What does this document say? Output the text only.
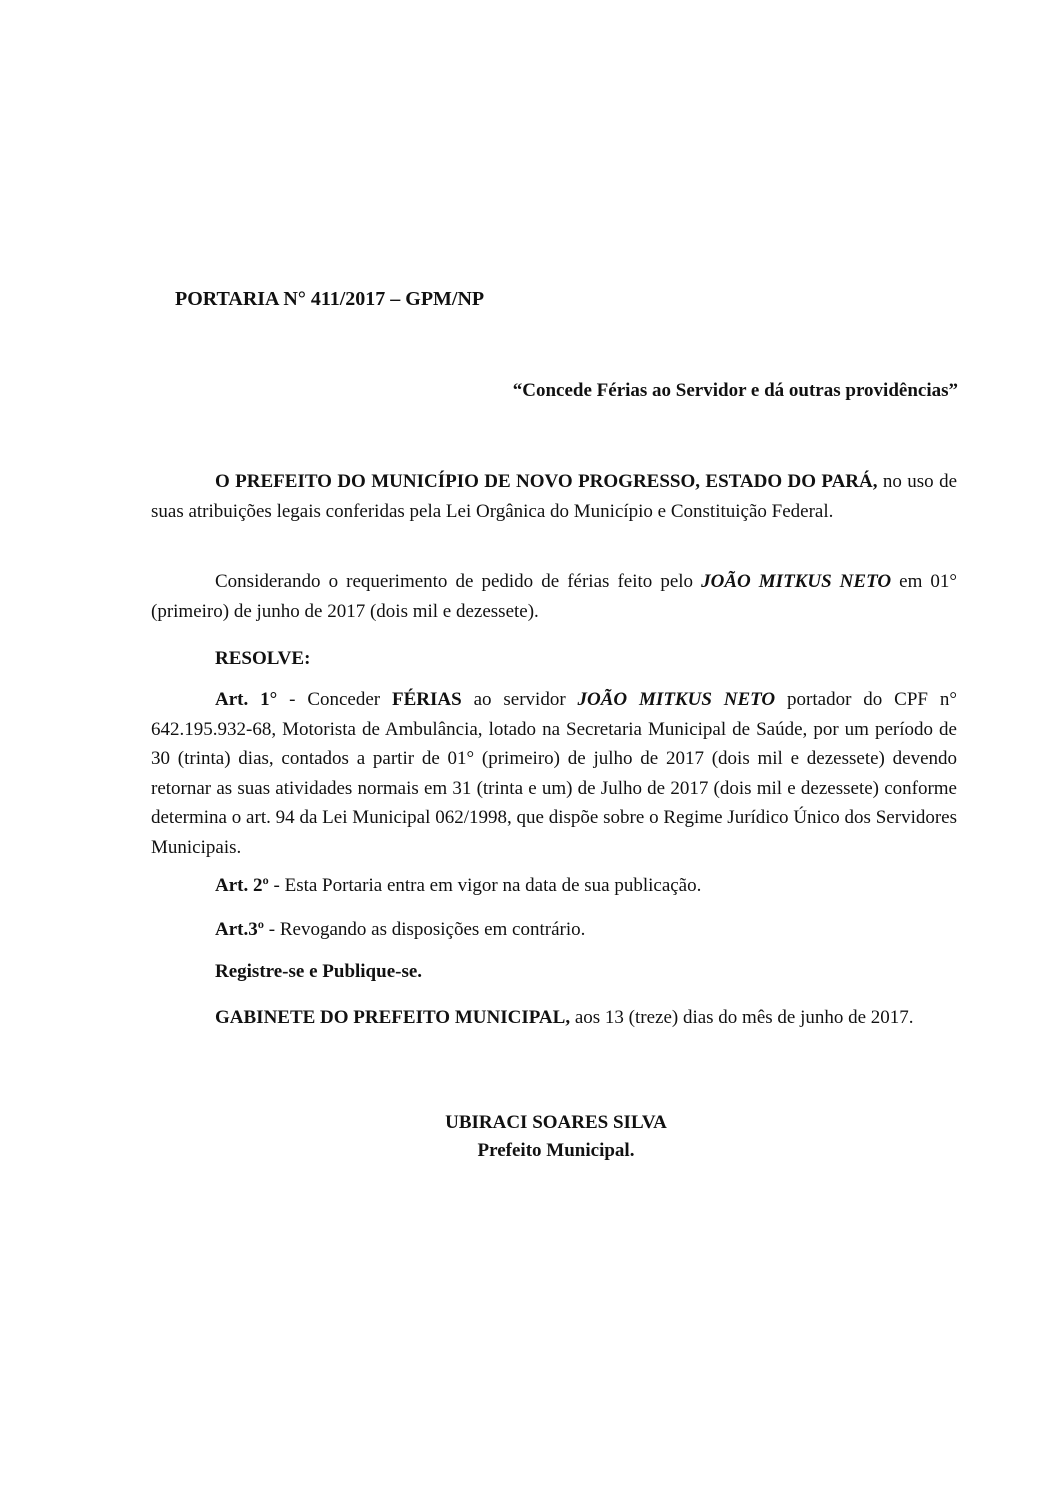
PORTARIA N° 411/2017 – GPM/NP
“Concede Férias ao Servidor e dá outras providências”
O PREFEITO DO MUNICÍPIO DE NOVO PROGRESSO, ESTADO DO PARÁ, no uso de suas atribuições legais conferidas pela Lei Orgânica do Município e Constituição Federal.
Considerando o requerimento de pedido de férias feito pelo JOÃO MITKUS NETO em 01° (primeiro) de junho de 2017 (dois mil e dezessete).
RESOLVE:
Art. 1° - Conceder FÉRIAS ao servidor JOÃO MITKUS NETO portador do CPF n° 642.195.932-68, Motorista de Ambulância, lotado na Secretaria Municipal de Saúde, por um período de 30 (trinta) dias, contados a partir de 01° (primeiro) de julho de 2017 (dois mil e dezessete) devendo retornar as suas atividades normais em 31 (trinta e um) de Julho de 2017 (dois mil e dezessete) conforme determina o art. 94 da Lei Municipal 062/1998, que dispõe sobre o Regime Jurídico Único dos Servidores Municipais.
Art. 2º - Esta Portaria entra em vigor na data de sua publicação.
Art.3º - Revogando as disposições em contrário.
Registre-se e Publique-se.
GABINETE DO PREFEITO MUNICIPAL, aos 13 (treze) dias do mês de junho de 2017.
UBIRACI SOARES SILVA
Prefeito Municipal.
